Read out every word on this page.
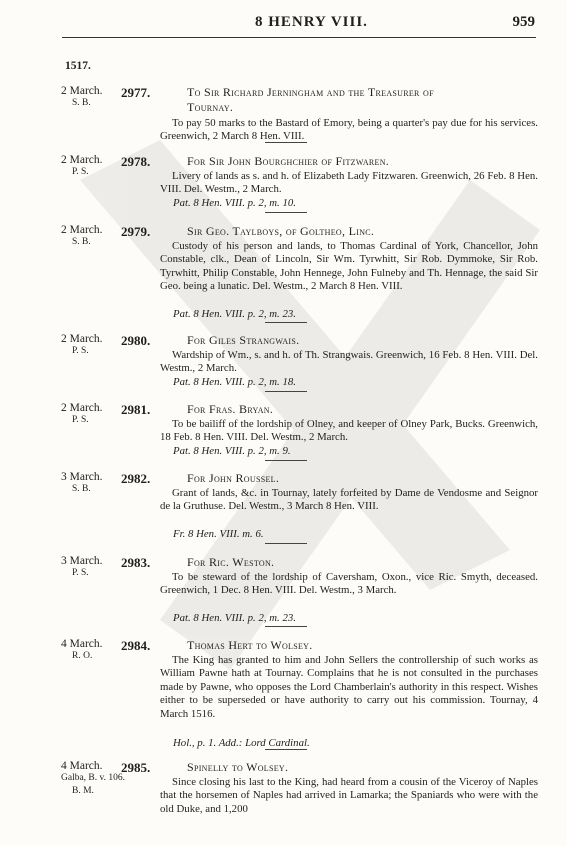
8 HENRY VIII.	959
1517.
2 March.
S. B.
2977.	To Sir Richard Jerningham and the Treasurer of
Tournay.
To pay 50 marks to the Bastard of Emory, being a quarter's pay due for his services. Greenwich, 2 March 8 Hen. VIII.
2 March.
P. S.
2978.	For Sir John Bourghchier of Fitzwaren.
Livery of lands as s. and h. of Elizabeth Lady Fitzwaren. Greenwich, 26 Feb. 8 Hen. VIII. Del. Westm., 2 March.
Pat. 8 Hen. VIII. p. 2, m. 10.
2 March.
S. B.
2979.	Sir Geo. Taylboys, of Goltheo, Linc.
Custody of his person and lands, to Thomas Cardinal of York, Chancellor, John Constable, clk., Dean of Lincoln, Sir Wm. Tyrwhitt, Sir Rob. Dymmoke, Sir Rob. Tyrwhitt, Philip Constable, John Hennege, John Fulneby and Th. Hennage, the said Sir Geo. being a lunatic. Del. Westm., 2 March 8 Hen. VIII.
Pat. 8 Hen. VIII. p. 2, m. 23.
2 March.
P. S.
2980.	For Giles Strangwais.
Wardship of Wm., s. and h. of Th. Strangwais. Greenwich, 16 Feb. 8 Hen. VIII. Del. Westm., 2 March.
Pat. 8 Hen. VIII. p. 2, m. 18.
2 March.
P. S.
2981.	For Fras. Bryan.
To be bailiff of the lordship of Olney, and keeper of Olney Park, Bucks. Greenwich, 18 Feb. 8 Hen. VIII. Del. Westm., 2 March.
Pat. 8 Hen. VIII. p. 2, m. 9.
3 March.
S. B.
2982.	For John Roussel.
Grant of lands, &c. in Tournay, lately forfeited by Dame de Vendosme and Seignor de la Gruthuse. Del. Westm., 3 March 8 Hen. VIII.
Fr. 8 Hen. VIII. m. 6.
3 March.
P. S.
2983.	For Ric. Weston.
To be steward of the lordship of Caversham, Oxon., vice Ric. Smyth, deceased. Greenwich, 1 Dec. 8 Hen. VIII. Del. Westm., 3 March.
Pat. 8 Hen. VIII. p. 2, m. 23.
4 March.
R. O.
2984.	Thomas Hert to Wolsey.
The King has granted to him and John Sellers the controllership of such works as William Pawne hath at Tournay. Complains that he is not consulted in the purchases made by Pawne, who opposes the Lord Chamberlain's authority in this respect. Wishes either to be superseded or have authority to carry out his commission. Tournay, 4 March 1516.
Hol., p. 1. Add.: Lord Cardinal.
4 March.
Galba, B. v. 106.
B. M.
2985.	Spinelly to Wolsey.
Since closing his last to the King, had heard from a cousin of the Viceroy of Naples that the horsemen of Naples had arrived in Lamarka; the Spaniards who were with the old Duke, and 1,200
